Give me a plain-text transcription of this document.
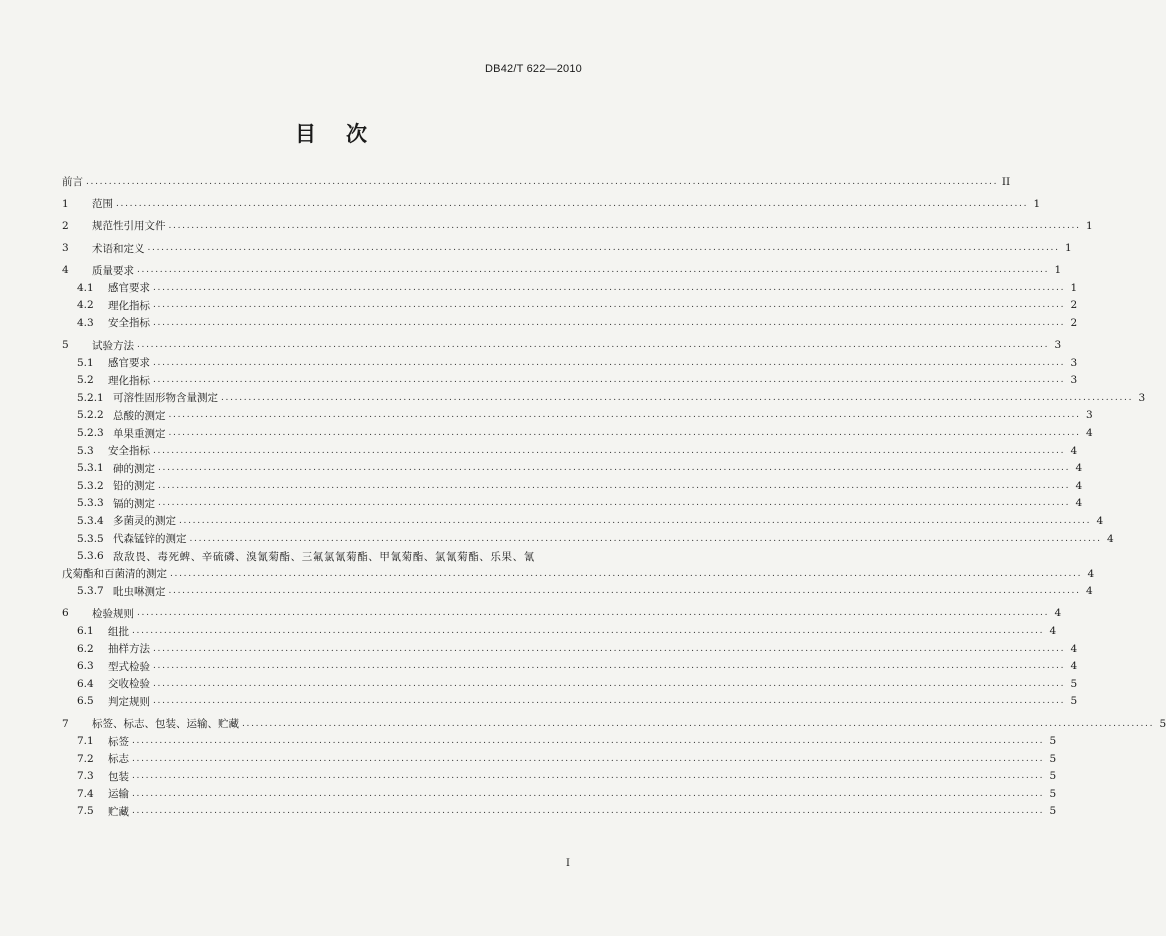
DB42/T 622—2010
目次
前言 ........................................................................................................................................................................................................ II
1	范围 ........................................................................................................................................................................................................ 1
2	规范性引用文件 ........................................................................................................................................................................................................ 1
3	术语和定义 ........................................................................................................................................................................................................ 1
4	质量要求 ........................................................................................................................................................................................................ 1
4.1	感官要求 ........................................................................................................................................................................................................ 1
4.2	理化指标 ........................................................................................................................................................................................................ 2
4.3	安全指标 ........................................................................................................................................................................................................ 2
5	试验方法 ........................................................................................................................................................................................................ 3
5.1	感官要求 ........................................................................................................................................................................................................ 3
5.2	理化指标 ........................................................................................................................................................................................................ 3
5.2.1 可溶性固形物含量测定 ........................................................................................................................................................................................................ 3
5.2.2 总酸的测定 ........................................................................................................................................................................................................ 3
5.2.3 单果重测定 ........................................................................................................................................................................................................ 4
5.3	安全指标 ........................................................................................................................................................................................................ 4
5.3.1 砷的测定 ........................................................................................................................................................................................................ 4
5.3.2 铅的测定 ........................................................................................................................................................................................................ 4
5.3.3 镉的测定 ........................................................................................................................................................................................................ 4
5.3.4 多菌灵的测定 ........................................................................................................................................................................................................ 4
5.3.5 代森锰锌的测定 ........................................................................................................................................................................................................ 4
5.3.6 敌敌畏、毒死蜱、辛硫磷、溴氰菊酯、三氟氯氰菊酯、甲氰菊酯、氯氰菊酯、乐果、氰
戊菊酯和百菌清的测定 ........................................................................................................................................................................................................ 4
5.3.7 吡虫啉测定 ........................................................................................................................................................................................................ 4
6	检验规则 ........................................................................................................................................................................................................ 4
6.1	组批 ........................................................................................................................................................................................................ 4
6.2	抽样方法 ........................................................................................................................................................................................................ 4
6.3	型式检验 ........................................................................................................................................................................................................ 4
6.4	交收检验 ........................................................................................................................................................................................................ 5
6.5	判定规则 ........................................................................................................................................................................................................ 5
7	标签、标志、包装、运输、贮藏 ........................................................................................................................................................................................................ 5
7.1	标签 ........................................................................................................................................................................................................ 5
7.2	标志 ........................................................................................................................................................................................................ 5
7.3	包装 ........................................................................................................................................................................................................ 5
7.4	运输 ........................................................................................................................................................................................................ 5
7.5	贮藏 ........................................................................................................................................................................................................ 5
I
